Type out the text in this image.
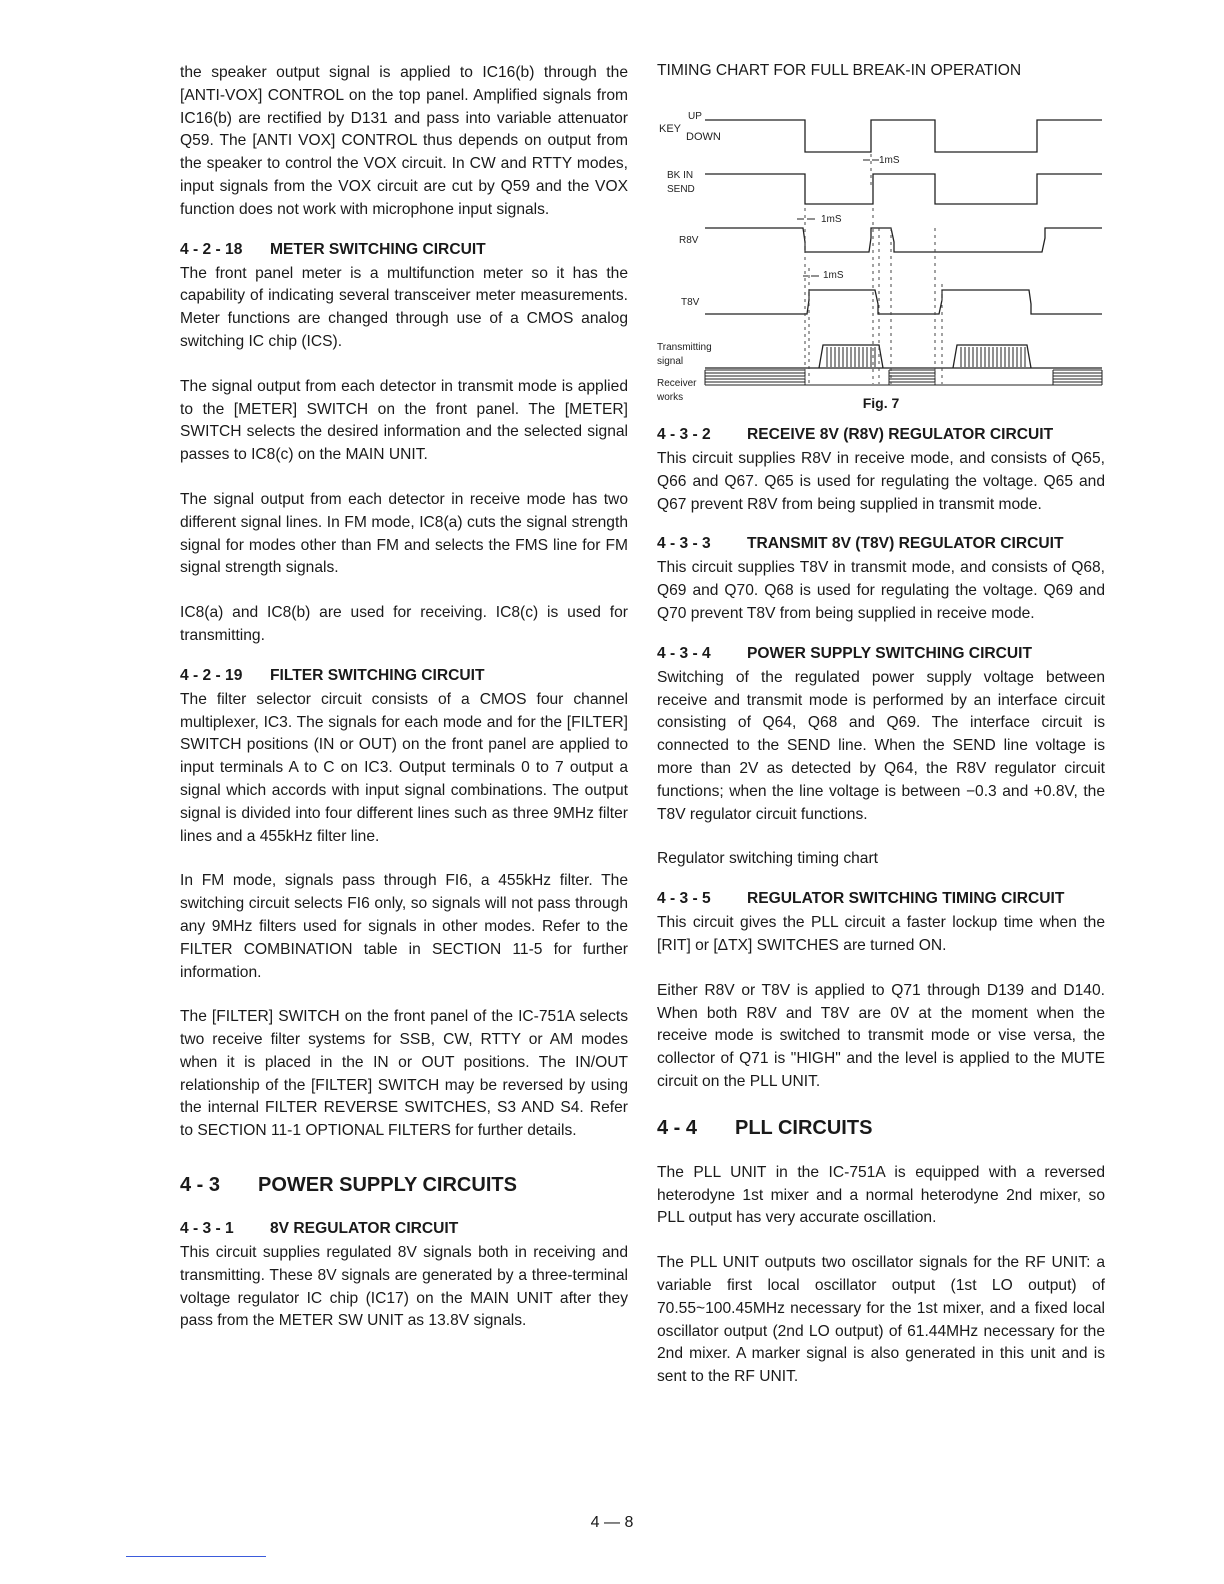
the speaker output signal is applied to IC16(b) through the [ANTI-VOX] CONTROL on the top panel. Amplified signals from IC16(b) are rectified by D131 and pass into variable attenuator Q59. The [ANTI VOX] CONTROL thus depends on output from the speaker to control the VOX circuit. In CW and RTTY modes, input signals from the VOX circuit are cut by Q59 and the VOX function does not work with microphone input signals.

4 - 2 - 18 METER SWITCHING CIRCUIT

The front panel meter is a multifunction meter so it has the capability of indicating several transceiver meter measurements. Meter functions are changed through use of a CMOS analog switching IC chip (ICS).

The signal output from each detector in transmit mode is applied to the [METER] SWITCH on the front panel. The [METER] SWITCH selects the desired information and the selected signal passes to IC8(c) on the MAIN UNIT.

The signal output from each detector in receive mode has two different signal lines. In FM mode, IC8(a) cuts the signal strength signal for modes other than FM and selects the FMS line for FM signal strength signals.

IC8(a) and IC8(b) are used for receiving. IC8(c) is used for transmitting.

4 - 2 - 19 FILTER SWITCHING CIRCUIT

The filter selector circuit consists of a CMOS four channel multiplexer, IC3. The signals for each mode and for the [FILTER] SWITCH positions (IN or OUT) on the front panel are applied to input terminals A to C on IC3. Output terminals 0 to 7 output a signal which accords with input signal combinations. The output signal is divided into four different lines such as three 9MHz filter lines and a 455kHz filter line.

In FM mode, signals pass through FI6, a 455kHz filter. The switching circuit selects FI6 only, so signals will not pass through any 9MHz filters used for signals in other modes. Refer to the FILTER COMBINATION table in SECTION 11-5 for further information.

The [FILTER] SWITCH on the front panel of the IC-751A selects two receive filter systems for SSB, CW, RTTY or AM modes when it is placed in the IN or OUT positions. The IN/OUT relationship of the [FILTER] SWITCH may be reversed by using the internal FILTER REVERSE SWITCHES, S3 AND S4. Refer to SECTION 11-1 OPTIONAL FILTERS for further details.

4 - 3 POWER SUPPLY CIRCUITS
4 - 3 - 1 8V REGULATOR CIRCUIT

This circuit supplies regulated 8V signals both in receiving and transmitting. These 8V signals are generated by a three-terminal voltage regulator IC chip (IC17) on the MAIN UNIT after they pass from the METER SW UNIT as 13.8V signals.

TIMING CHART FOR FULL BREAK-IN OPERATION
KEY
UP
DOWN
BK IN
SEND
R8V
T8V
Transmitting
signal
Receiver
works
1mS
1mS
1mS
Fig. 7
4 - 3 - 2 RECEIVE 8V (R8V) REGULATOR CIRCUIT

This circuit supplies R8V in receive mode, and consists of Q65, Q66 and Q67. Q65 is used for regulating the voltage. Q65 and Q67 prevent R8V from being supplied in transmit mode.

4 - 3 - 3 TRANSMIT 8V (T8V) REGULATOR CIRCUIT

This circuit supplies T8V in transmit mode, and consists of Q68, Q69 and Q70. Q68 is used for regulating the voltage. Q69 and Q70 prevent T8V from being supplied in receive mode.

4 - 3 - 4 POWER SUPPLY SWITCHING CIRCUIT

Switching of the regulated power supply voltage between receive and transmit mode is performed by an interface circuit consisting of Q64, Q68 and Q69. The interface circuit is connected to the SEND line. When the SEND line voltage is more than 2V as detected by Q64, the R8V regulator circuit functions; when the line voltage is between −0.3 and +0.8V, the T8V regulator circuit functions.

Regulator switching timing chart

4 - 3 - 5 REGULATOR SWITCHING TIMING CIRCUIT

This circuit gives the PLL circuit a faster lockup time when the [RIT] or [ΔTX] SWITCHES are turned ON.

Either R8V or T8V is applied to Q71 through D139 and D140. When both R8V and T8V are 0V at the moment when the receive mode is switched to transmit mode or vise versa, the collector of Q71 is "HIGH" and the level is applied to the MUTE circuit on the PLL UNIT.

4 - 4 PLL CIRCUITS

The PLL UNIT in the IC-751A is equipped with a reversed heterodyne 1st mixer and a normal heterodyne 2nd mixer, so PLL output has very accurate oscillation.

The PLL UNIT outputs two oscillator signals for the RF UNIT: a variable first local oscillator output (1st LO output) of 70.55~100.45MHz necessary for the 1st mixer, and a fixed local oscillator output (2nd LO output) of 61.44MHz necessary for the 2nd mixer. A marker signal is also generated in this unit and is sent to the RF UNIT.

4 — 8
